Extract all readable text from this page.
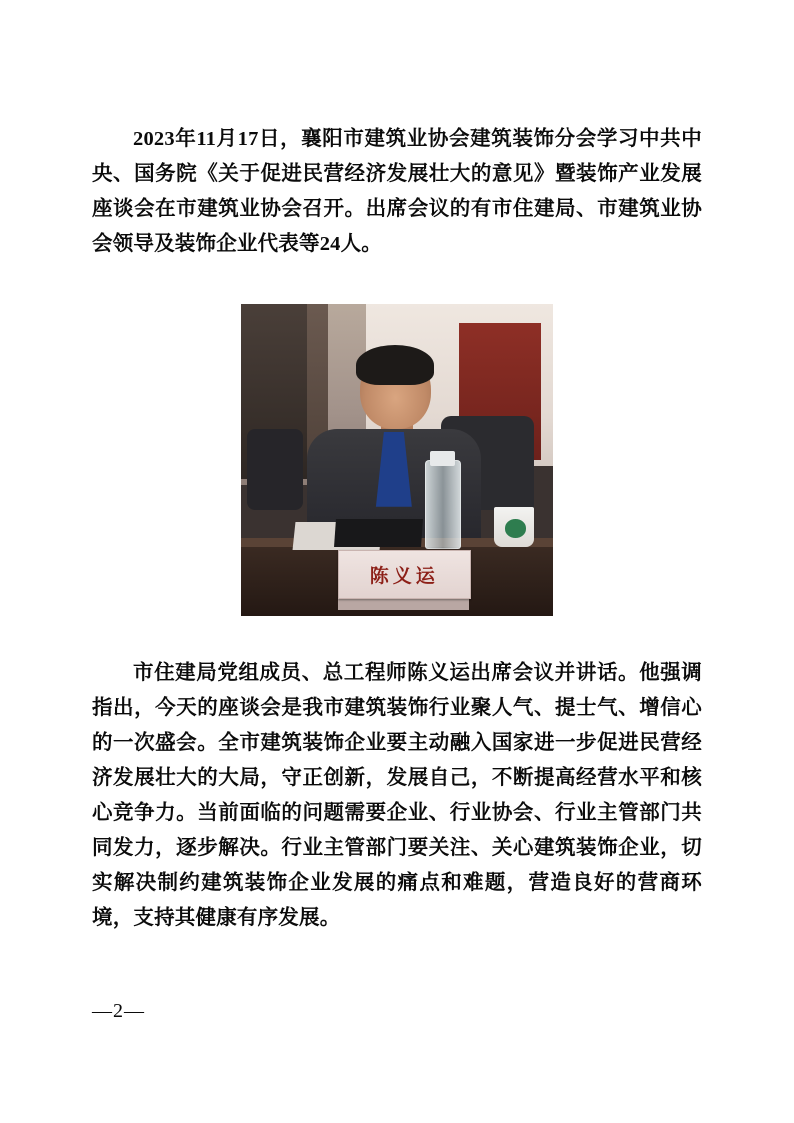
2023年11月17日，襄阳市建筑业协会建筑装饰分会学习中共中央、国务院《关于促进民营经济发展壮大的意见》暨装饰产业发展座谈会在市建筑业协会召开。出席会议的有市住建局、市建筑业协会领导及装饰企业代表等24人。

陈义运

市住建局党组成员、总工程师陈义运出席会议并讲话。他强调指出，今天的座谈会是我市建筑装饰行业聚人气、提士气、增信心的一次盛会。全市建筑装饰企业要主动融入国家进一步促进民营经济发展壮大的大局，守正创新，发展自己，不断提高经营水平和核心竞争力。当前面临的问题需要企业、行业协会、行业主管部门共同发力，逐步解决。行业主管部门要关注、关心建筑装饰企业，切实解决制约建筑装饰企业发展的痛点和难题，营造良好的营商环境，支持其健康有序发展。

—2—
